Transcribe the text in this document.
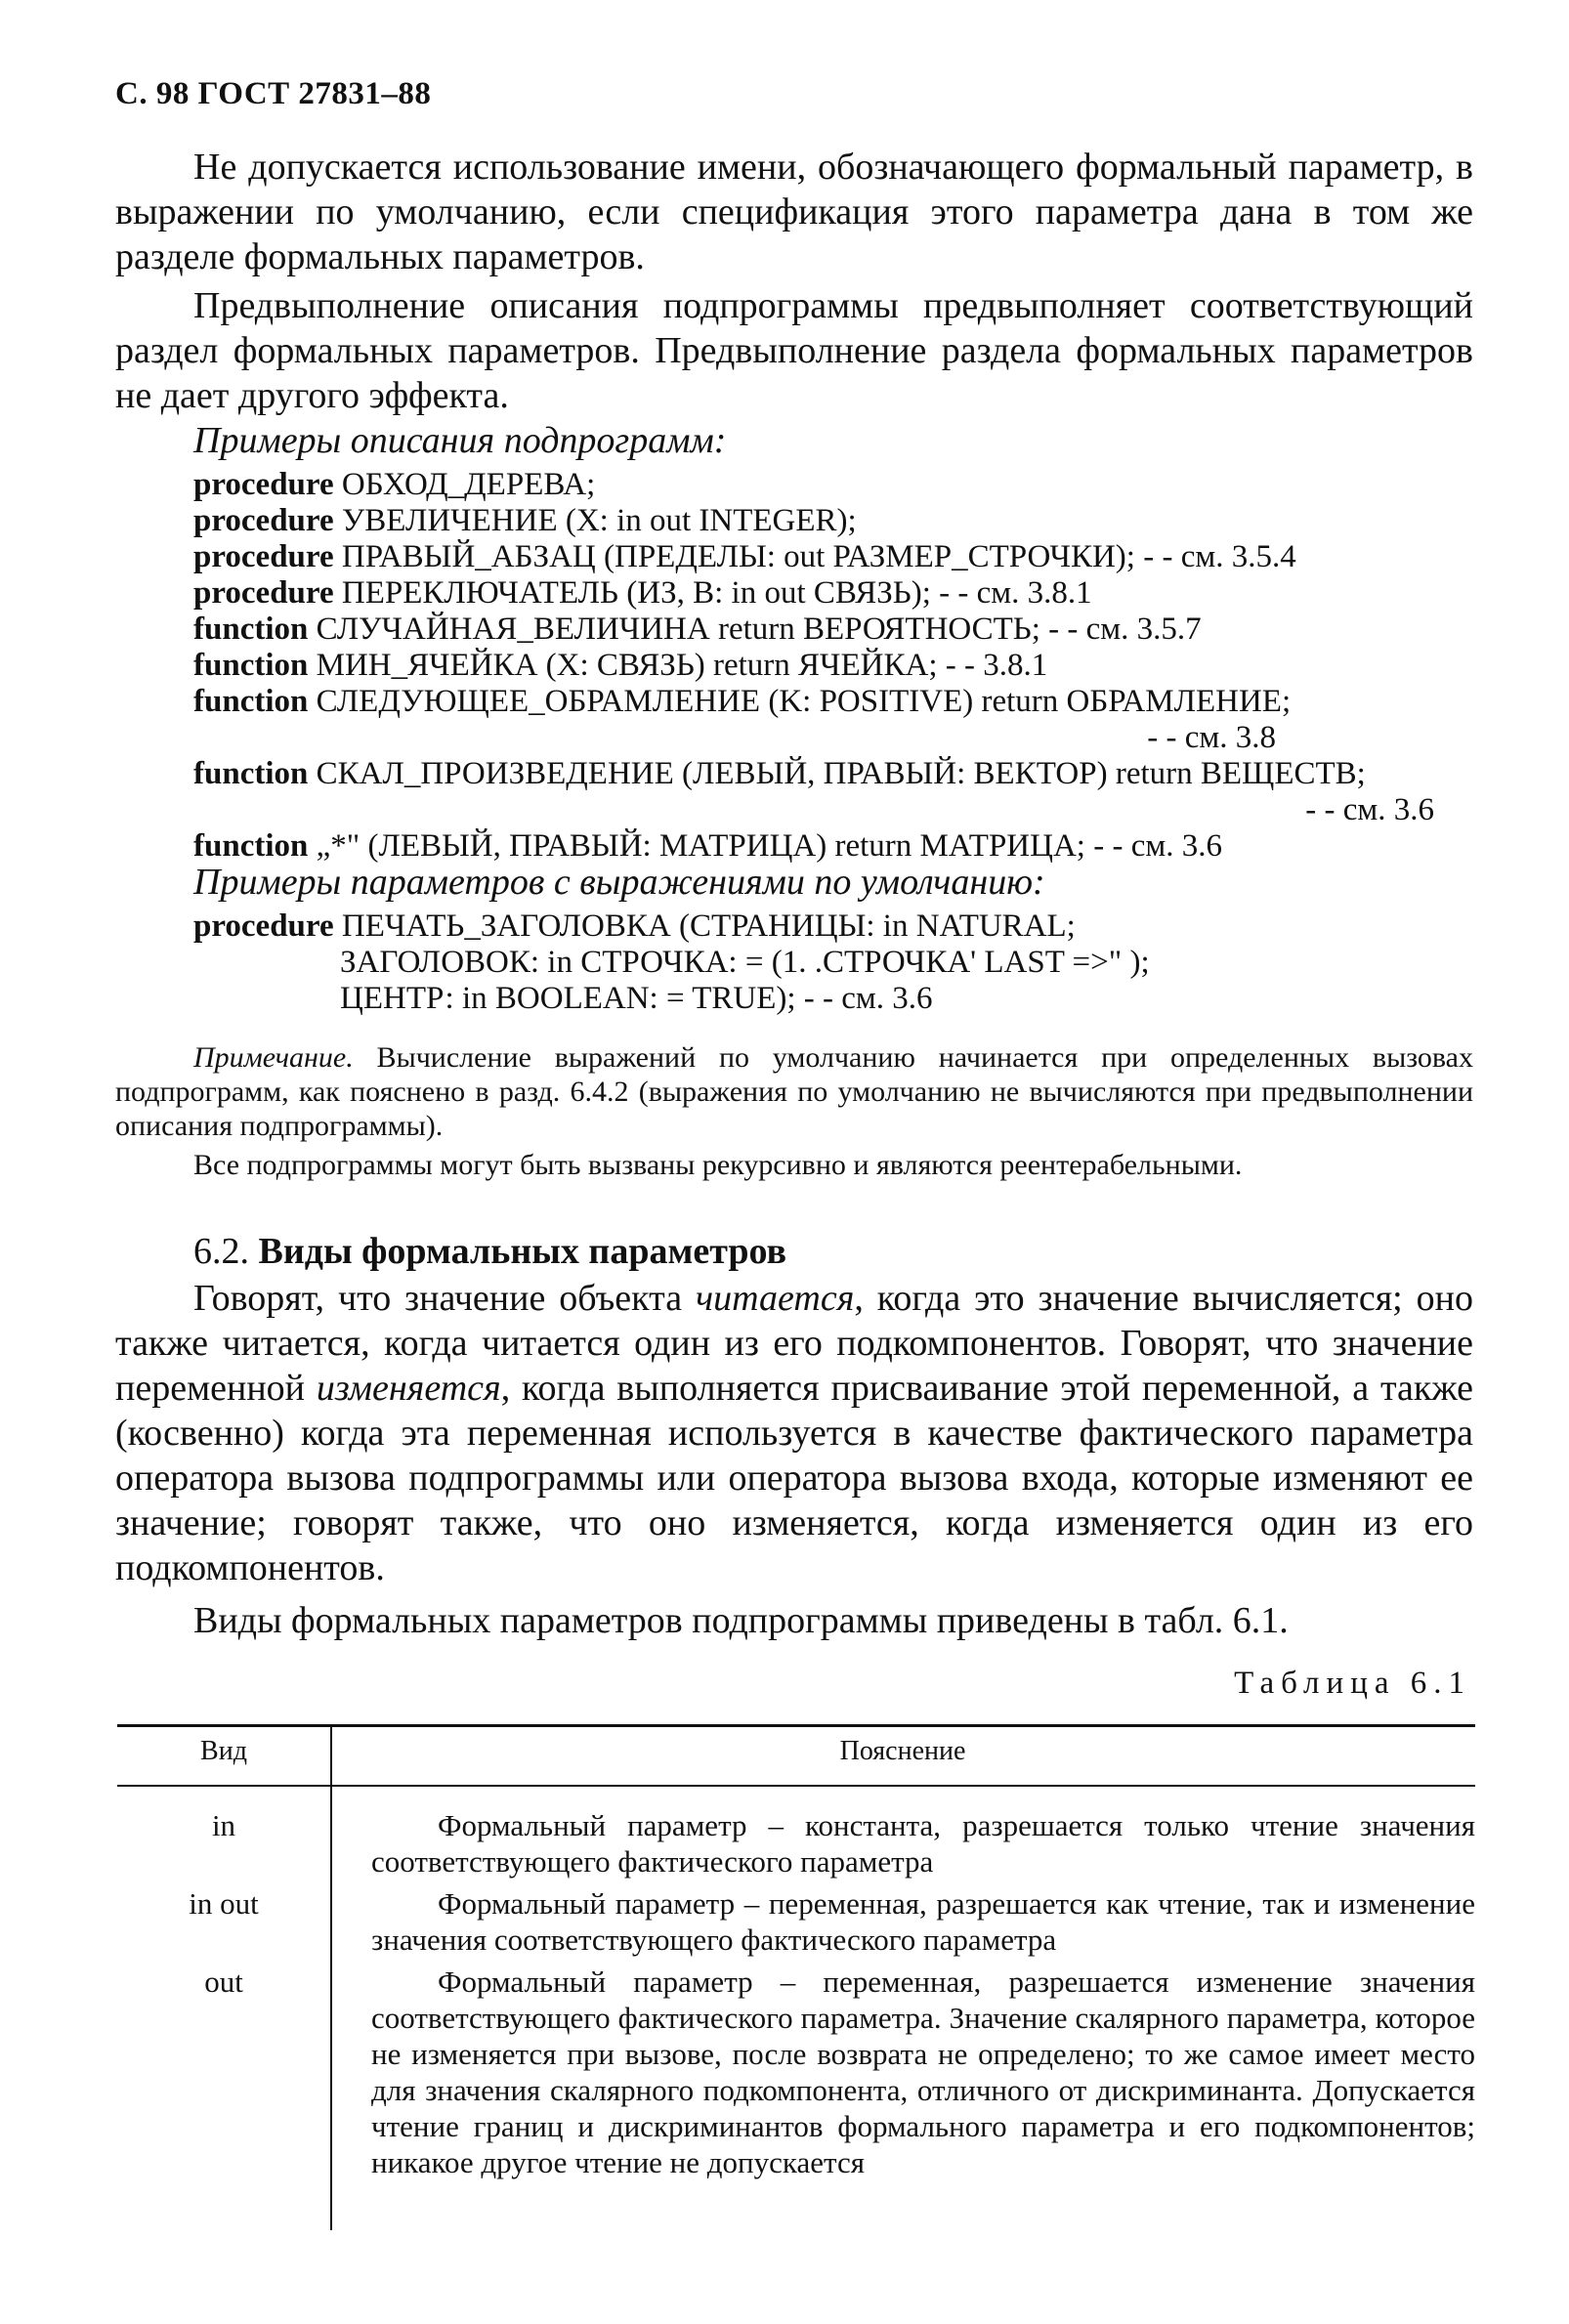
С. 98 ГОСТ 27831–88

Не допускается использование имени, обозначающего формальный параметр, в выражении по умолчанию, если спецификация этого параметра дана в том же разделе формальных параметров.

Предвыполнение описания подпрограммы предвыполняет соответствующий раздел формальных параметров. Предвыполнение раздела формальных параметров не дает другого эффекта.

Примеры описания подпрограмм:
procedure ОБХОД_ДЕРЕВА;
procedure УВЕЛИЧЕНИЕ (X: in out INTEGER);
procedure ПРАВЫЙ_АБЗАЦ (ПРЕДЕЛЫ: out РАЗМЕР_СТРОЧКИ); - - см. 3.5.4
procedure ПЕРЕКЛЮЧАТЕЛЬ (ИЗ, В: in out СВЯЗЬ); - - см. 3.8.1
function СЛУЧАЙНАЯ_ВЕЛИЧИНА return ВЕРОЯТНОСТЬ; - - см. 3.5.7
function МИН_ЯЧЕЙКА (X: СВЯЗЬ) return ЯЧЕЙКА; - - 3.8.1
function СЛЕДУЮЩЕЕ_ОБРАМЛЕНИЕ (K: POSITIVE) return ОБРАМЛЕНИЕ;
- - см. 3.8
function СКАЛ_ПРОИЗВЕДЕНИЕ (ЛЕВЫЙ, ПРАВЫЙ: ВЕКТОР) return ВЕЩЕСТВ;
- - см. 3.6
function „*" (ЛЕВЫЙ, ПРАВЫЙ: МАТРИЦА) return МАТРИЦА; - - см. 3.6
Примеры параметров с выражениями по умолчанию:
procedure ПЕЧАТЬ_ЗАГОЛОВКА (СТРАНИЦЫ: in NATURAL;
ЗАГОЛОВОК: in СТРОЧКА: = (1. .СТРОЧКА' LAST =>" );
ЦЕНТР: in BOOLEAN: = TRUE); - - см. 3.6

Примечание. Вычисление выражений по умолчанию начинается при определенных вызовах подпрограмм, как пояснено в разд. 6.4.2 (выражения по умолчанию не вычисляются при предвыполнении описания подпрограммы).

Все подпрограммы могут быть вызваны рекурсивно и являются реентерабельными.

6.2. Виды формальных параметров

Говорят, что значение объекта читается, когда это значение вычисляется; оно также читается, когда читается один из его подкомпонентов. Говорят, что значение переменной изменяется, когда выполняется присваивание этой переменной, а также (косвенно) когда эта переменная используется в качестве фактического параметра оператора вызова подпрограммы или оператора вызова входа, которые изменяют ее значение; говорят также, что оно изменяется, когда изменяется один из его подкомпонентов.

Виды формальных параметров подпрограммы приведены в табл. 6.1.

Таблица 6.1
Вид	Пояснение
in	Формальный параметр – константа, разрешается только чтение значения соответствующего фактического параметра
in out	Формальный параметр – переменная, разрешается как чтение, так и изменение значения соответствующего фактического параметра
out	Формальный параметр – переменная, разрешается изменение значения соответствующего фактического параметра. Значение скалярного параметра, которое не изменяется при вызове, после возврата не определено; то же самое имеет место для значения скалярного подкомпонента, отличного от дискриминанта. Допускается чтение границ и дискриминантов формального параметра и его подкомпонентов; никакое другое чтение не допускается
